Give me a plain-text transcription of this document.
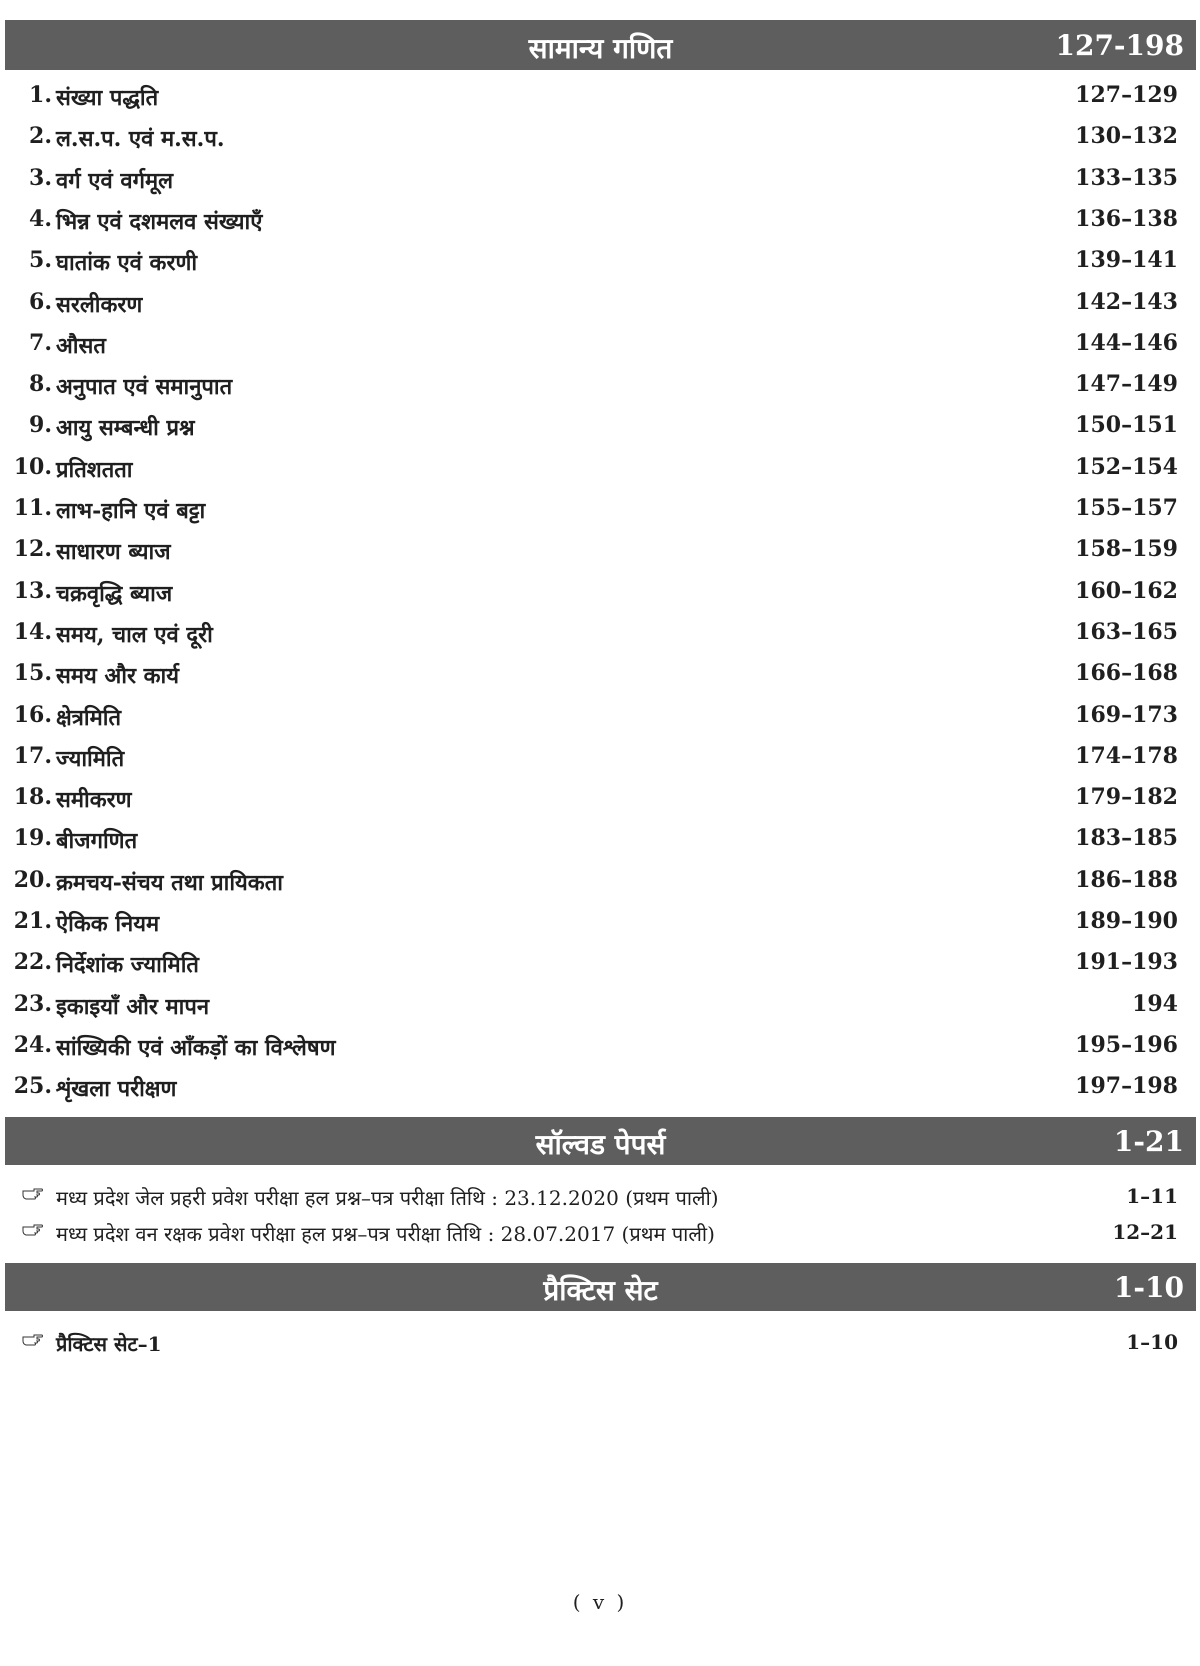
सामान्य गणित	127-198
1. संख्या पद्धति	127–129
2. ल.स.प. एवं म.स.प.	130–132
3. वर्ग एवं वर्गमूल	133–135
4. भिन्न एवं दशमलव संख्याएँ	136–138
5. घातांक एवं करणी	139–141
6. सरलीकरण	142–143
7. औसत	144–146
8. अनुपात एवं समानुपात	147–149
9. आयु सम्बन्धी प्रश्न	150–151
10. प्रतिशतता	152–154
11. लाभ-हानि एवं बट्टा	155–157
12. साधारण ब्याज	158–159
13. चक्रवृद्धि ब्याज	160–162
14. समय, चाल एवं दूरी	163–165
15. समय और कार्य	166–168
16. क्षेत्रमिति	169–173
17. ज्यामिति	174–178
18. समीकरण	179–182
19. बीजगणित	183–185
20. क्रमचय-संचय तथा प्रायिकता	186–188
21. ऐकिक नियम	189–190
22. निर्देशांक ज्यामिति	191–193
23. इकाइयाँ और मापन	194
24. सांख्यिकी एवं आँकड़ों का विश्लेषण	195–196
25. शृंखला परीक्षण	197–198
सॉल्वड पेपर्स	1-21
मध्य प्रदेश जेल प्रहरी प्रवेश परीक्षा हल प्रश्न–पत्र परीक्षा तिथि : 23.12.2020 (प्रथम पाली)	1–11
मध्य प्रदेश वन रक्षक प्रवेश परीक्षा हल प्रश्न–पत्र परीक्षा तिथि : 28.07.2017 (प्रथम पाली)	12–21
प्रैक्टिस सेट	1-10
प्रैक्टिस सेट–1	1–10
( v )
